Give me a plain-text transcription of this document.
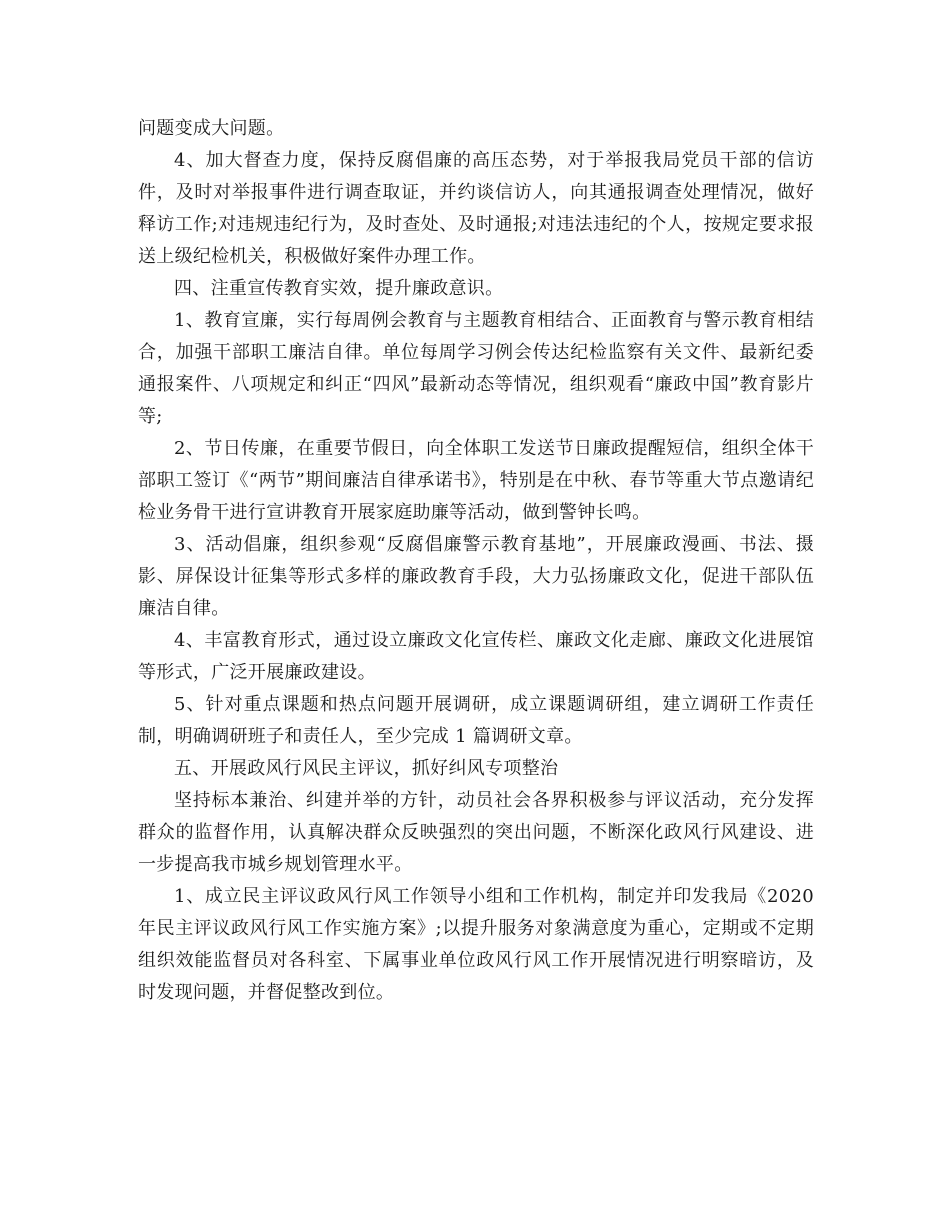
问题变成大问题。

4、加大督查力度，保持反腐倡廉的高压态势，对于举报我局党员干部的信访件，及时对举报事件进行调查取证，并约谈信访人，向其通报调查处理情况，做好释访工作;对违规违纪行为，及时查处、及时通报;对违法违纪的个人，按规定要求报送上级纪检机关，积极做好案件办理工作。

四、注重宣传教育实效，提升廉政意识。

1、教育宣廉，实行每周例会教育与主题教育相结合、正面教育与警示教育相结合，加强干部职工廉洁自律。单位每周学习例会传达纪检监察有关文件、最新纪委通报案件、八项规定和纠正“四风”最新动态等情况，组织观看“廉政中国”教育影片等;

2、节日传廉，在重要节假日，向全体职工发送节日廉政提醒短信，组织全体干部职工签订《“两节”期间廉洁自律承诺书》，特别是在中秋、春节等重大节点邀请纪检业务骨干进行宣讲教育开展家庭助廉等活动，做到警钟长鸣。

3、活动倡廉，组织参观“反腐倡廉警示教育基地”，开展廉政漫画、书法、摄影、屏保设计征集等形式多样的廉政教育手段，大力弘扬廉政文化，促进干部队伍廉洁自律。

4、丰富教育形式，通过设立廉政文化宣传栏、廉政文化走廊、廉政文化进展馆等形式，广泛开展廉政建设。

5、针对重点课题和热点问题开展调研，成立课题调研组，建立调研工作责任制，明确调研班子和责任人，至少完成 1 篇调研文章。

五、开展政风行风民主评议，抓好纠风专项整治

坚持标本兼治、纠建并举的方针，动员社会各界积极参与评议活动，充分发挥群众的监督作用，认真解决群众反映强烈的突出问题，不断深化政风行风建设、进一步提高我市城乡规划管理水平。

1、成立民主评议政风行风工作领导小组和工作机构，制定并印发我局《2020年民主评议政风行风工作实施方案》;以提升服务对象满意度为重心，定期或不定期组织效能监督员对各科室、下属事业单位政风行风工作开展情况进行明察暗访，及时发现问题，并督促整改到位。
